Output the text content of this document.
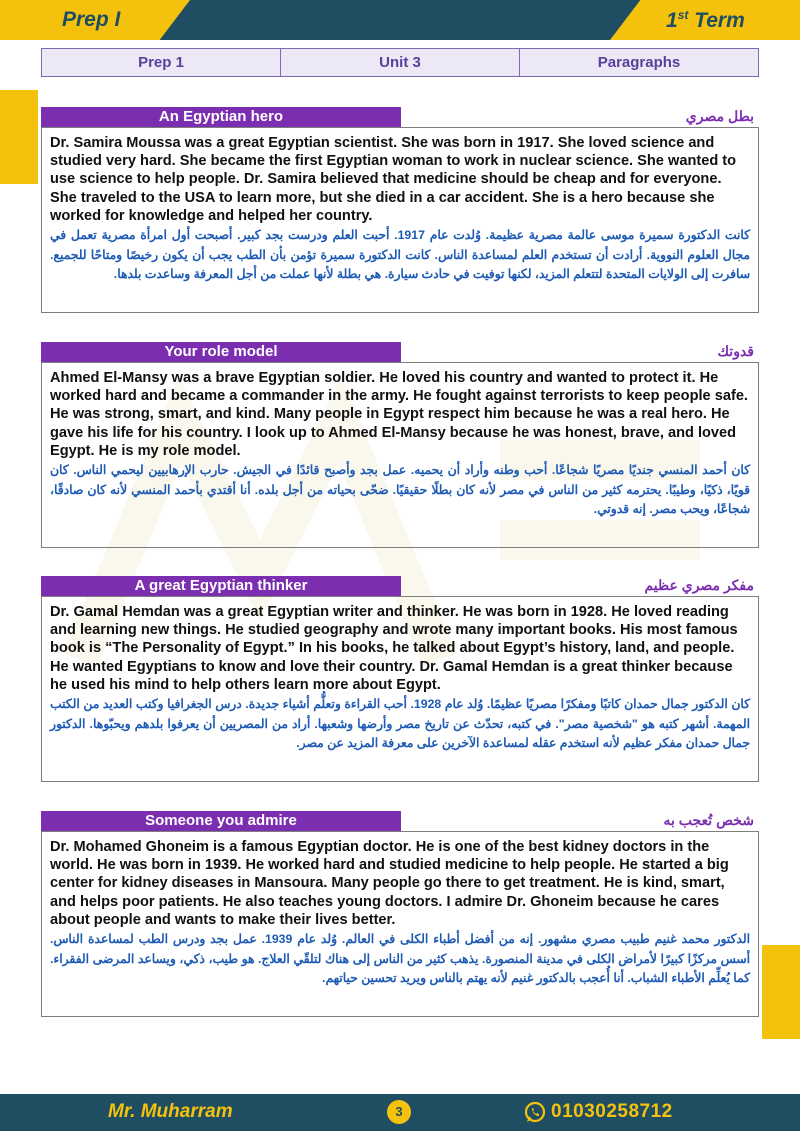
Prep I	1st Term
Prep 1	Unit 3	Paragraphs
An Egyptian hero	بطل مصري

Dr. Samira Moussa was a great Egyptian scientist. She was born in 1917. She loved science and studied very hard. She became the first Egyptian woman to work in nuclear science. She wanted to use science to help people. Dr. Samira believed that medicine should be cheap and for everyone. She traveled to the USA to learn more, but she died in a car accident. She is a hero because she worked for knowledge and helped her country.

كانت الدكتورة سميرة موسى عالمة مصرية عظيمة. وُلدت عام 1917. أحبت العلم ودرست بجد كبير. أصبحت أول امرأة مصرية تعمل في مجال العلوم النووية. أرادت أن تستخدم العلم لمساعدة الناس. كانت الدكتورة سميرة تؤمن بأن الطب يجب أن يكون رخيصًا ومتاحًا للجميع. سافرت إلى الولايات المتحدة لتتعلم المزيد، لكنها توفيت في حادث سيارة. هي بطلة لأنها عملت من أجل المعرفة وساعدت بلدها.

Your role model	قدوتك

Ahmed El-Mansy was a brave Egyptian soldier. He loved his country and wanted to protect it. He worked hard and became a commander in the army. He fought against terrorists to keep people safe. He was strong, smart, and kind. Many people in Egypt respect him because he was a real hero. He gave his life for his country. I look up to Ahmed El-Mansy because he was honest, brave, and loved Egypt. He is my role model.

كان أحمد المنسي جنديًا مصريًا شجاعًا. أحب وطنه وأراد أن يحميه. عمل بجد وأصبح قائدًا في الجيش. حارب الإرهابيين ليحمي الناس. كان قويًا، ذكيًا، وطيبًا. يحترمه كثير من الناس في مصر لأنه كان بطلًا حقيقيًا. ضحّى بحياته من أجل بلده. أنا أقتدي بأحمد المنسي لأنه كان صادقًا، شجاعًا، ويحب مصر. إنه قدوتي.

A great Egyptian thinker	مفكر مصري عظيم

Dr. Gamal Hemdan was a great Egyptian writer and thinker. He was born in 1928. He loved reading and learning new things. He studied geography and wrote many important books. His most famous book is “The Personality of Egypt.” In his books, he talked about Egypt’s history, land, and people. He wanted Egyptians to know and love their country. Dr. Gamal Hemdan is a great thinker because he used his mind to help others learn more about Egypt.

كان الدكتور جمال حمدان كاتبًا ومفكرًا مصريًا عظيمًا. وُلد عام 1928. أحب القراءة وتعلُّم أشياء جديدة. درس الجغرافيا وكتب العديد من الكتب المهمة. أشهر كتبه هو "شخصية مصر". في كتبه، تحدّث عن تاريخ مصر وأرضها وشعبها. أراد من المصريين أن يعرفوا بلدهم ويحبّوها. الدكتور جمال حمدان مفكر عظيم لأنه استخدم عقله لمساعدة الآخرين على معرفة المزيد عن مصر.

Someone you admire	شخص تُعجب به

Dr. Mohamed Ghoneim is a famous Egyptian doctor. He is one of the best kidney doctors in the world. He was born in 1939. He worked hard and studied medicine to help people. He started a big center for kidney diseases in Mansoura. Many people go there to get treatment. He is kind, smart, and helps poor patients. He also teaches young doctors. I admire Dr. Ghoneim because he cares about people and wants to make their lives better.

الدكتور محمد غنيم طبيب مصري مشهور. إنه من أفضل أطباء الكلى في العالم. وُلد عام 1939. عمل بجد ودرس الطب لمساعدة الناس. أسس مركزًا كبيرًا لأمراض الكلى في مدينة المنصورة. يذهب كثير من الناس إلى هناك لتلقّي العلاج. هو طيب، ذكي، ويساعد المرضى الفقراء. كما يُعلِّم الأطباء الشباب. أنا أُعجب بالدكتور غنيم لأنه يهتم بالناس ويريد تحسين حياتهم.

Mr. Muharram	3	01030258712
